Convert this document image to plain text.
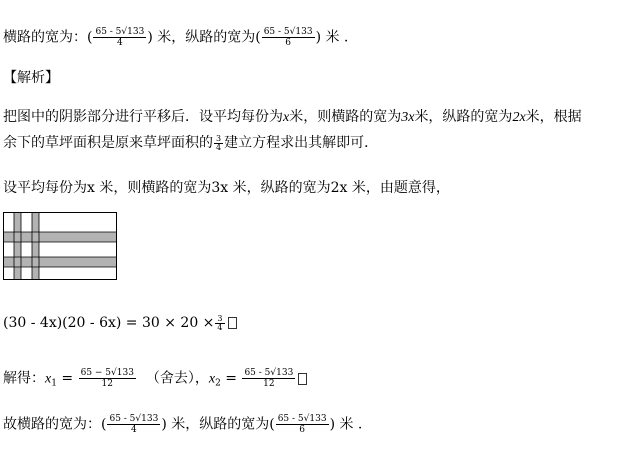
横路的宽为：( $\frac{65 - 5√133}{4}$ ) 米，纵路的宽为( $\frac{65 - 5√133}{6}$ ) 米 .
【解析】
把图中的阴影部分进行平移后．设平均每份为x米，则横路的宽为3x米，纵路的宽为2x米，根据
余下的草坪面积是原来草坪面积的 $\frac{3}{4}$ 建立方程求出其解即可．
设平均每份为x 米，则横路的宽为3x 米，纵路的宽为2x 米，由题意得，
$(30 - 4x)(20 - 6x) = 30 \times 20 \times \frac{3}{4}$
解得：$x_1 = \frac{65 - 5√133}{12}$ （舍去），$x_2 = \frac{65 - 5√133}{12}$
故横路的宽为：( $\frac{65 - 5√133}{4}$ ) 米，纵路的宽为( $\frac{65 - 5√133}{6}$ ) 米 .
